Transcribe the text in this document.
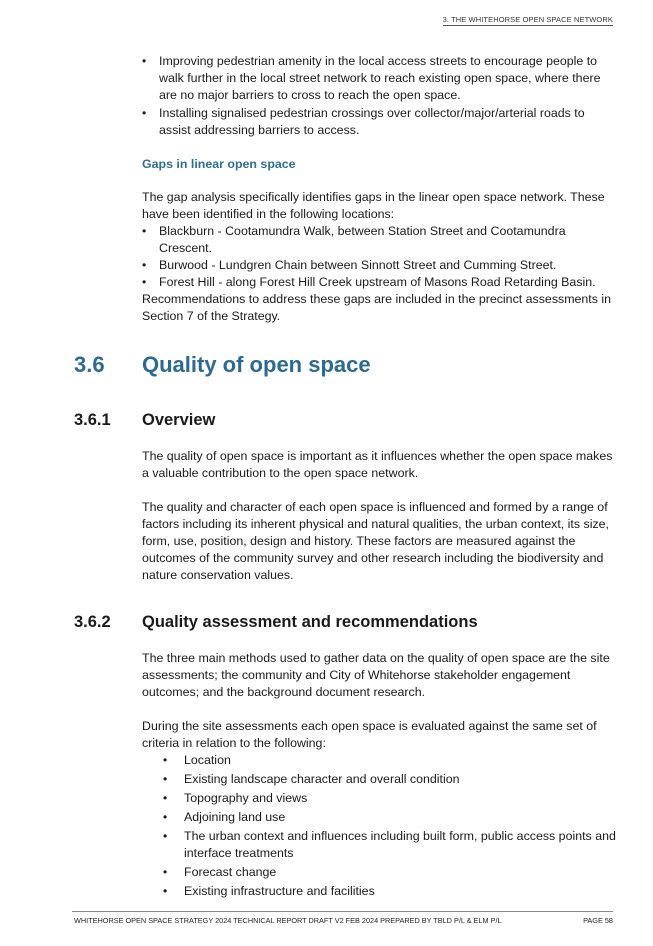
3. THE WHITEHORSE OPEN SPACE NETWORK
• Improving pedestrian amenity in the local access streets to encourage people to walk further in the local street network to reach existing open space, where there are no major barriers to cross to reach the open space.
• Installing signalised pedestrian crossings over collector/major/arterial roads to assist addressing barriers to access.
Gaps in linear open space

The gap analysis specifically identifies gaps in the linear open space network. These have been identified in the following locations:

• Blackburn - Cootamundra Walk, between Station Street and Cootamundra Crescent.
• Burwood - Lundgren Chain between Sinnott Street and Cumming Street.
• Forest Hill - along Forest Hill Creek upstream of Masons Road Retarding Basin.

Recommendations to address these gaps are included in the precinct assessments in Section 7 of the Strategy.

3.6 Quality of open space
3.6.1 Overview

The quality of open space is important as it influences whether the open space makes a valuable contribution to the open space network.

The quality and character of each open space is influenced and formed by a range of factors including its inherent physical and natural qualities, the urban context, its size, form, use, position, design and history. These factors are measured against the outcomes of the community survey and other research including the biodiversity and nature conservation values.

3.6.2 Quality assessment and recommendations

The three main methods used to gather data on the quality of open space are the site assessments; the community and City of Whitehorse stakeholder engagement outcomes; and the background document research.

During the site assessments each open space is evaluated against the same set of criteria in relation to the following:

• Location
• Existing landscape character and overall condition
• Topography and views
• Adjoining land use
• The urban context and influences including built form, public access points and interface treatments
• Forecast change
• Existing infrastructure and facilities
WHITEHORSE OPEN SPACE STRATEGY 2024 TECHNICAL REPORT DRAFT V2 FEB 2024 PREPARED BY TBLD P/L & ELM P/L	PAGE 58
